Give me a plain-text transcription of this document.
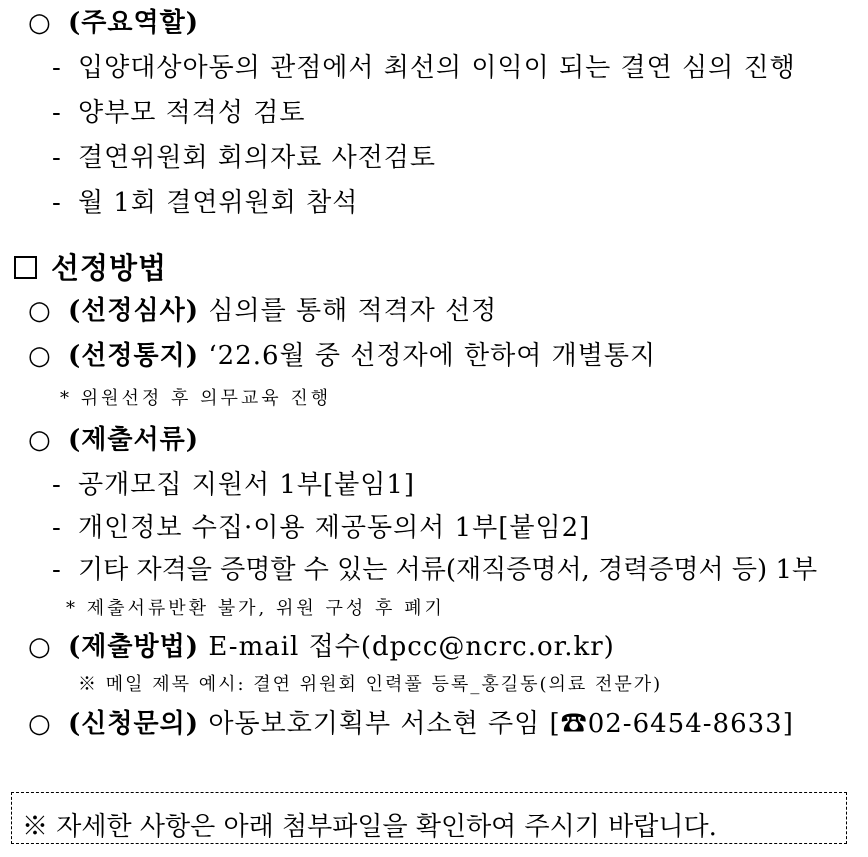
○ (주요역할)
- 입양대상아동의 관점에서 최선의 이익이 되는 결연 심의 진행
- 양부모 적격성 검토
- 결연위원회 회의자료 사전검토
- 월 1회 결연위원회 참석
선정방법
○ (선정심사) 심의를 통해 적격자 선정
○ (선정통지) ‘22.6월 중 선정자에 한하여 개별통지
* 위원선정 후 의무교육 진행
○ (제출서류)
- 공개모집 지원서 1부[붙임1]
- 개인정보 수집·이용 제공동의서 1부[붙임2]
- 기타 자격을 증명할 수 있는 서류(재직증명서, 경력증명서 등) 1부
* 제출서류반환 불가, 위원 구성 후 폐기
○ (제출방법) E-mail 접수(dpcc@ncrc.or.kr)
※ 메일 제목 예시: 결연 위원회 인력풀 등록_홍길동(의료 전문가)
○ (신청문의) 아동보호기획부 서소현 주임 [☎02-6454-8633]
※ 자세한 사항은 아래 첨부파일을 확인하여 주시기 바랍니다.
